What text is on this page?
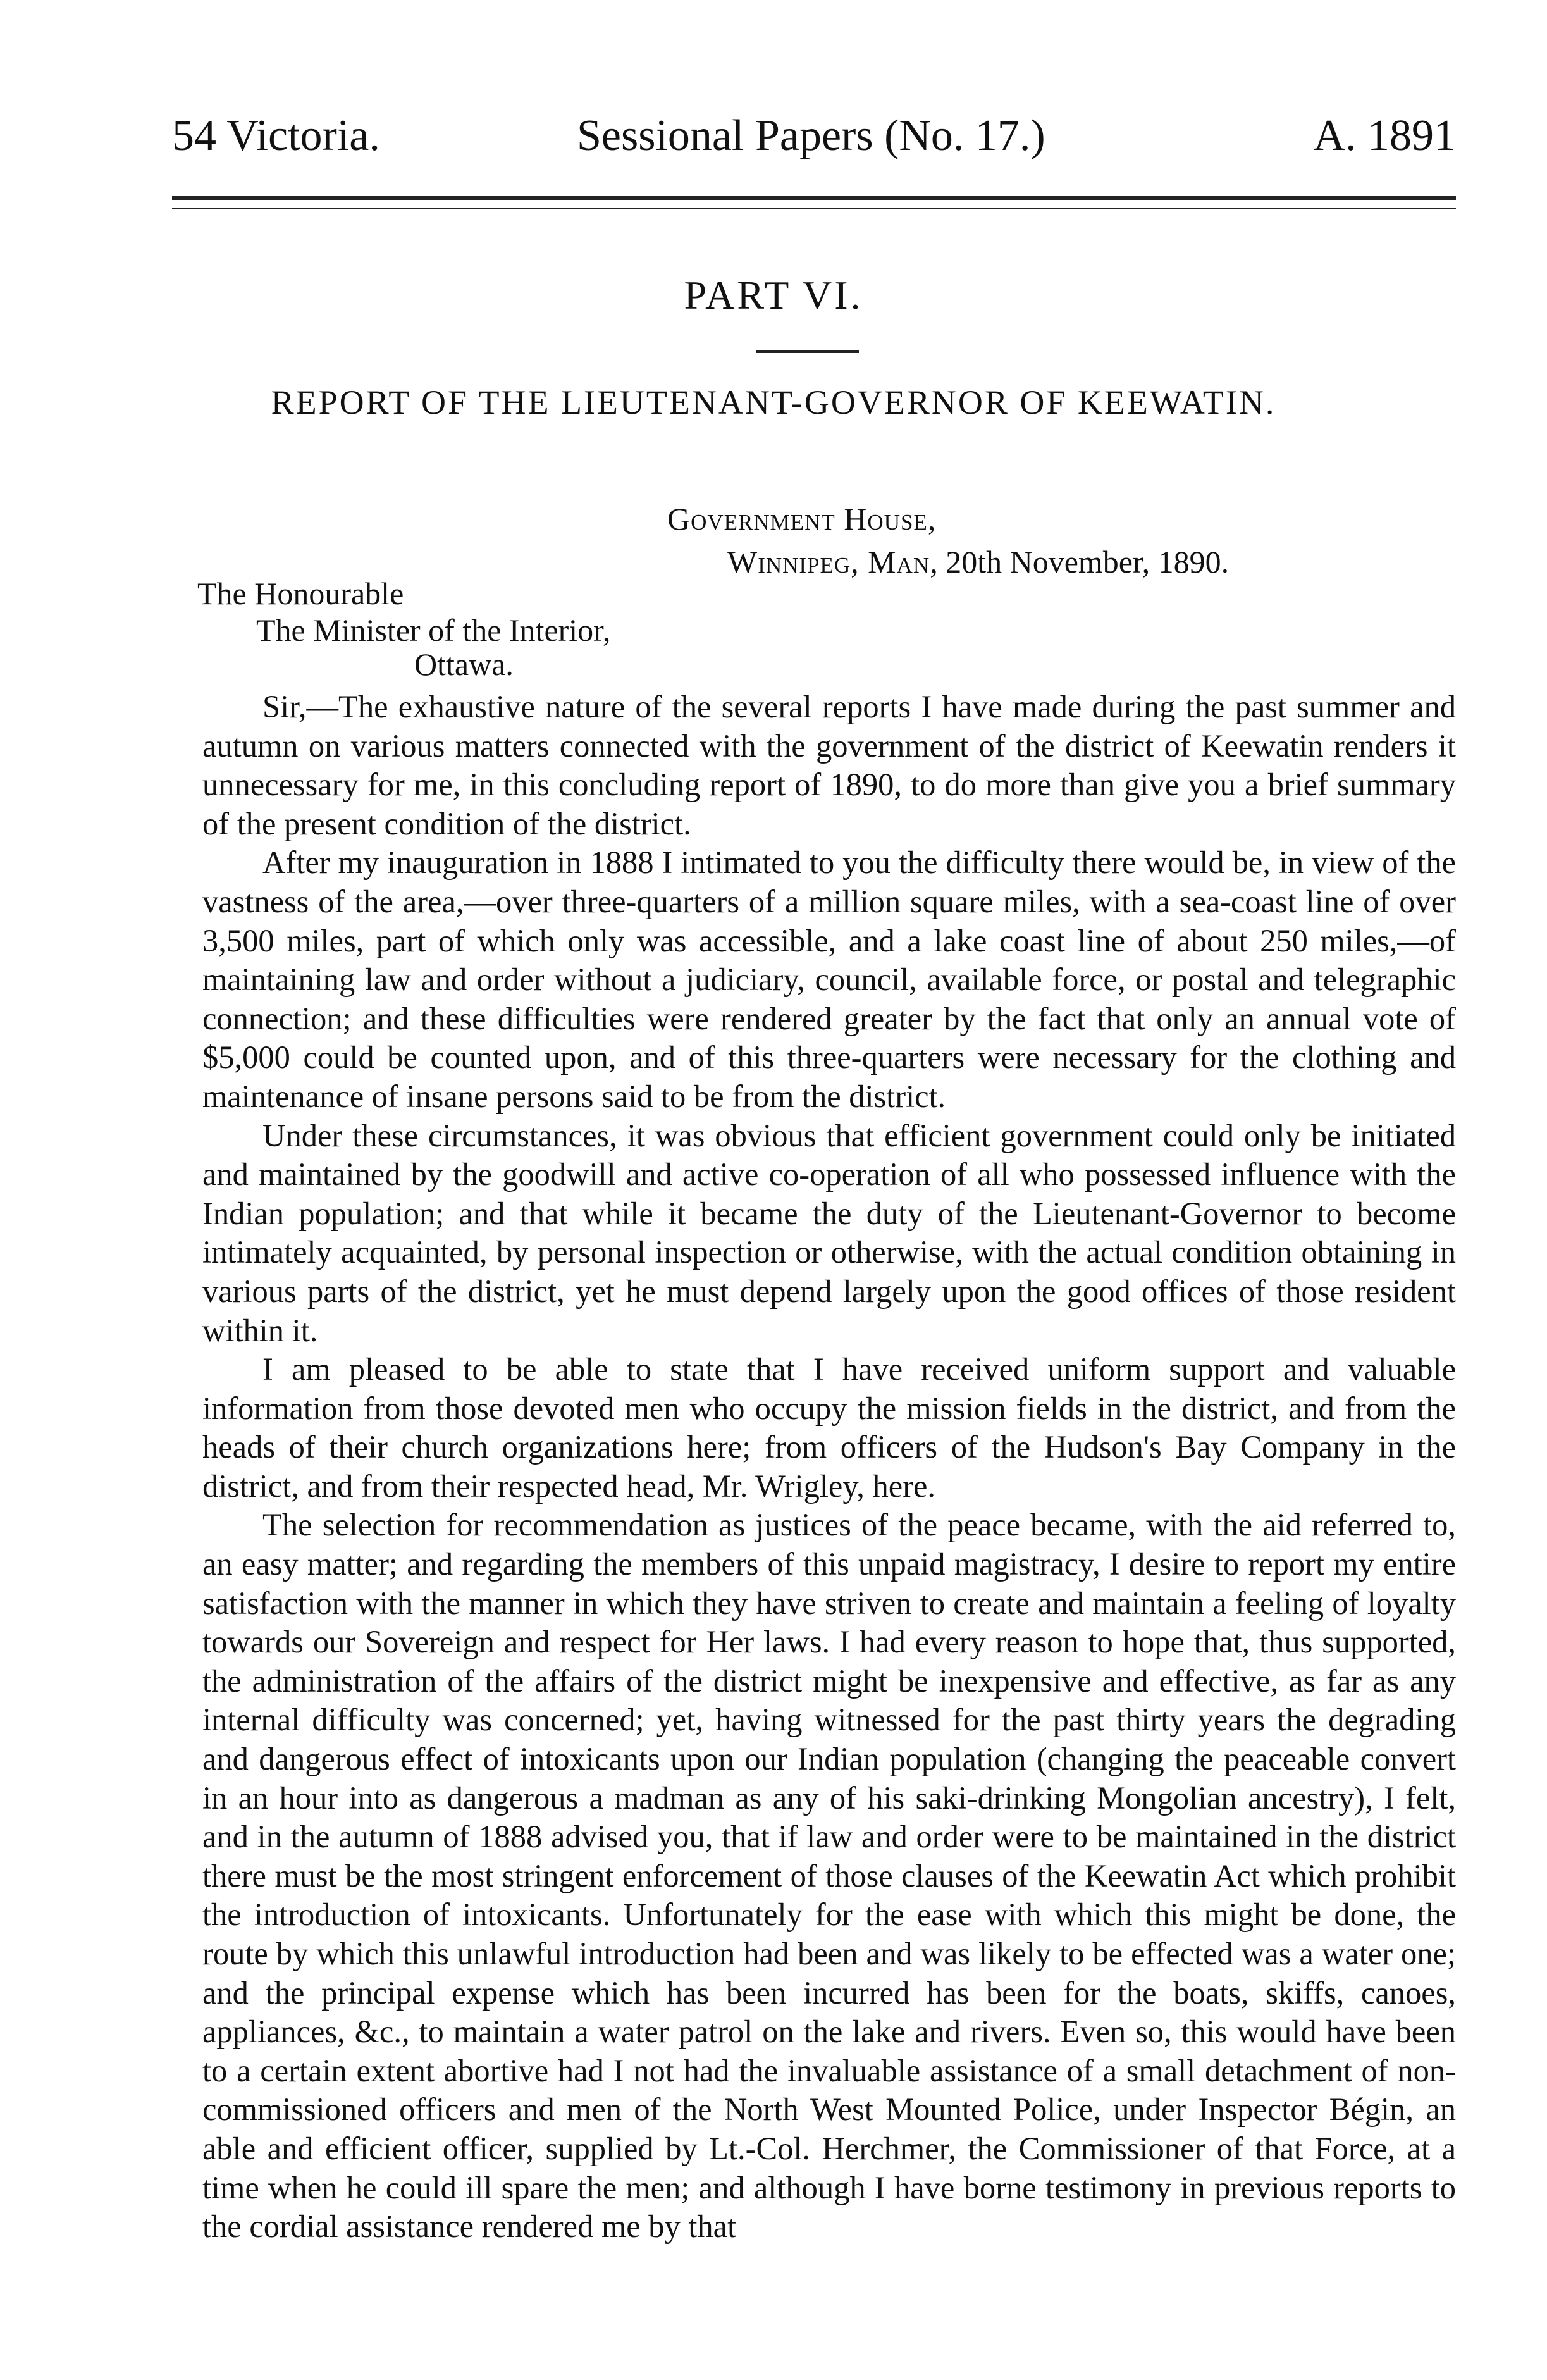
54 Victoria.	Sessional Papers (No. 17.)	A. 1891
PART VI.
REPORT OF THE LIEUTENANT-GOVERNOR OF KEEWATIN.
Government House,
Winnipeg, Man, 20th November, 1890.
The Honourable
The Minister of the Interior,
Ottawa.

Sir,—The exhaustive nature of the several reports I have made during the past summer and autumn on various matters connected with the government of the district of Keewatin renders it unnecessary for me, in this concluding report of 1890, to do more than give you a brief summary of the present condition of the district.

After my inauguration in 1888 I intimated to you the difficulty there would be, in view of the vastness of the area,—over three-quarters of a million square miles, with a sea-coast line of over 3,500 miles, part of which only was accessible, and a lake coast line of about 250 miles,—of maintaining law and order without a judiciary, council, available force, or postal and telegraphic connection; and these difficulties were rendered greater by the fact that only an annual vote of $5,000 could be counted upon, and of this three-quarters were necessary for the clothing and maintenance of insane persons said to be from the district.

Under these circumstances, it was obvious that efficient government could only be initiated and maintained by the goodwill and active co-operation of all who possessed influence with the Indian population; and that while it became the duty of the Lieutenant-Governor to become intimately acquainted, by personal inspection or otherwise, with the actual condition obtaining in various parts of the district, yet he must depend largely upon the good offices of those resident within it.

I am pleased to be able to state that I have received uniform support and valuable information from those devoted men who occupy the mission fields in the district, and from the heads of their church organizations here; from officers of the Hudson's Bay Company in the district, and from their respected head, Mr. Wrigley, here.

The selection for recommendation as justices of the peace became, with the aid referred to, an easy matter; and regarding the members of this unpaid magistracy, I desire to report my entire satisfaction with the manner in which they have striven to create and maintain a feeling of loyalty towards our Sovereign and respect for Her laws. I had every reason to hope that, thus supported, the administration of the affairs of the district might be inexpensive and effective, as far as any internal difficulty was concerned; yet, having witnessed for the past thirty years the degrading and dangerous effect of intoxicants upon our Indian population (changing the peaceable convert in an hour into as dangerous a madman as any of his saki-drinking Mongolian ancestry), I felt, and in the autumn of 1888 advised you, that if law and order were to be maintained in the district there must be the most stringent enforcement of those clauses of the Keewatin Act which prohibit the introduction of intoxicants. Unfortunately for the ease with which this might be done, the route by which this unlawful introduction had been and was likely to be effected was a water one; and the principal expense which has been incurred has been for the boats, skiffs, canoes, appliances, &c., to maintain a water patrol on the lake and rivers. Even so, this would have been to a certain extent abortive had I not had the invaluable assistance of a small detachment of non-commissioned officers and men of the North West Mounted Police, under Inspector Bégin, an able and efficient officer, supplied by Lt.-Col. Herchmer, the Commissioner of that Force, at a time when he could ill spare the men; and although I have borne testimony in previous reports to the cordial assistance rendered me by that
